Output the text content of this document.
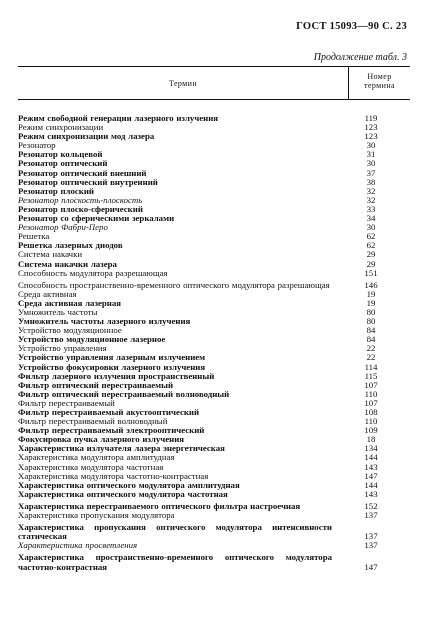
ГОСТ 15093—90 С. 23
Продолжение табл. 3
Термин
Номер
термина
Режим свободной генерации лазерного излучения	119
Режим синхронизации	123
Режим синхронизации мод лазера	123
Резонатор	30
Резонатор кольцевой	31
Резонатор оптический	30
Резонатор оптический внешний	37
Резонатор оптический внутренний	38
Резонатор плоский	32
Резонатор плоскость-плоскость	32
Резонатор плоско-сферический	33
Резонатор со сферическими зеркалами	34
Резонатор Фабри-Перо	30
Решетка	62
Решетка лазерных диодов	62
Система накачки	29
Система накачки лазера	29
Способность модулятора разрешающая	151
Способность пространственно-временного оптического модулятора разрешающая	146
Среда активная	19
Среда активная лазерная	19
Умножитель частоты	80
Умножитель частоты лазерного излучения	80
Устройство модуляционное	84
Устройство модуляционное лазерное	84
Устройство управления	22
Устройство управления лазерным излучением	22
Устройство фокусировки лазерного излучения	114
Фильтр лазерного излучения пространственный	115
Фильтр оптический перестраиваемый	107
Фильтр оптический перестраиваемый волноводный	110
Фильтр перестраиваемый	107
Фильтр перестраиваемый акустооптический	108
Фильтр перестраиваемый волноводный	110
Фильтр перестраиваемый электрооптический	109
Фокусировка пучка лазерного излучения	18
Характеристика излучателя лазера энергетическая	134
Характеристика модулятора амплитудная	144
Характеристика модулятора частотная	143
Характеристика модулятора частотно-контрастная	147
Характеристика оптического модулятора амплитудная	144
Характеристика оптического модулятора частотная	143
Характеристика перестраиваемого оптического фильтра настроечная	152
Характеристика пропускания модулятора	137
Характеристика пропускания оптического модулятора интенсивности статическая	137
Характеристика просветления	137
Характеристика пространственно-временного оптического модулятора частотно-контрастная	147
